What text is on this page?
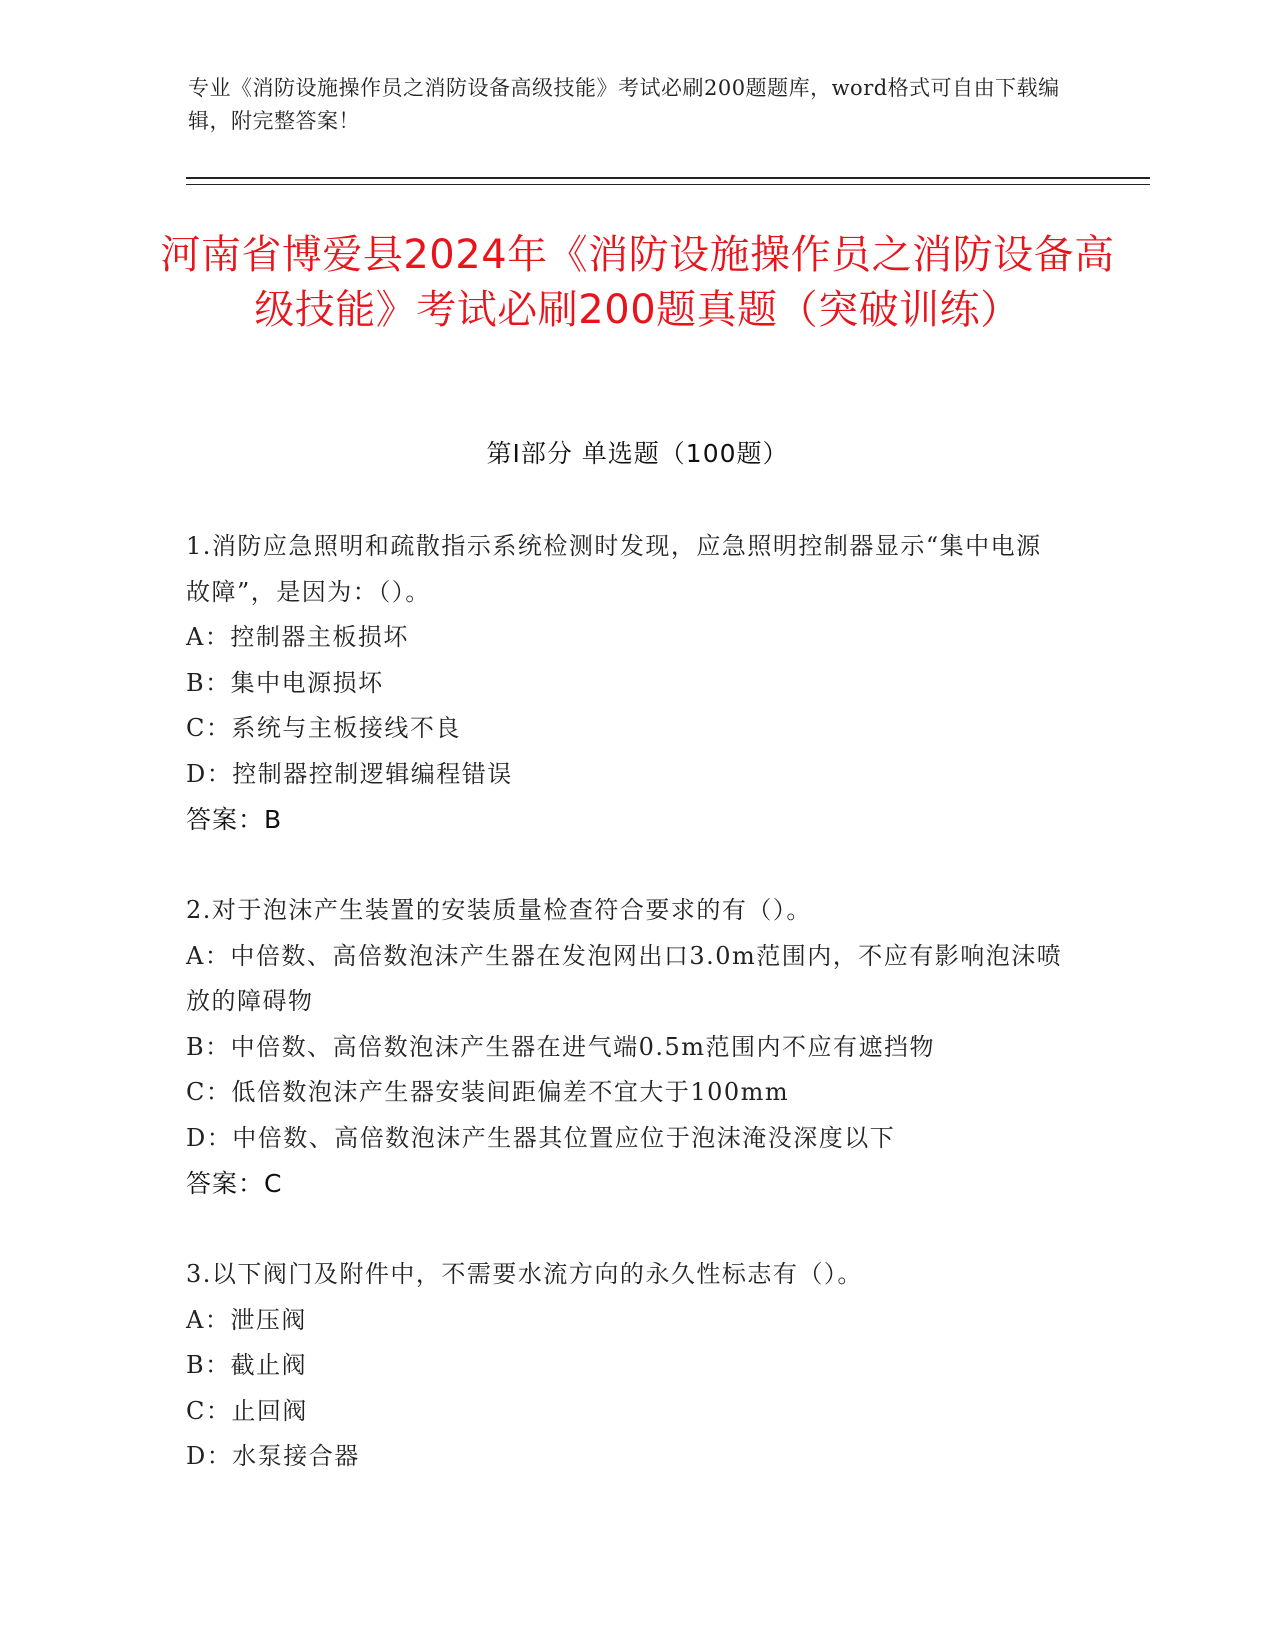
专业《消防设施操作员之消防设备高级技能》考试必刷200题题库，word格式可自由下载编辑，附完整答案！
河南省博爱县2024年《消防设施操作员之消防设备高级技能》考试必刷200题真题（突破训练）
第I部分 单选题（100题）
1.消防应急照明和疏散指示系统检测时发现，应急照明控制器显示“集中电源故障”，是因为：（）。
A：控制器主板损坏
B：集中电源损坏
C：系统与主板接线不良
D：控制器控制逻辑编程错误
答案：B
2.对于泡沫产生装置的安装质量检查符合要求的有（）。
A：中倍数、高倍数泡沫产生器在发泡网出口3.0m范围内，不应有影响泡沫喷放的障碍物
B：中倍数、高倍数泡沫产生器在进气端0.5m范围内不应有遮挡物
C：低倍数泡沫产生器安装间距偏差不宜大于100mm
D：中倍数、高倍数泡沫产生器其位置应位于泡沫淹没深度以下
答案：C
3.以下阀门及附件中，不需要水流方向的永久性标志有（）。
A：泄压阀
B：截止阀
C：止回阀
D：水泵接合器
